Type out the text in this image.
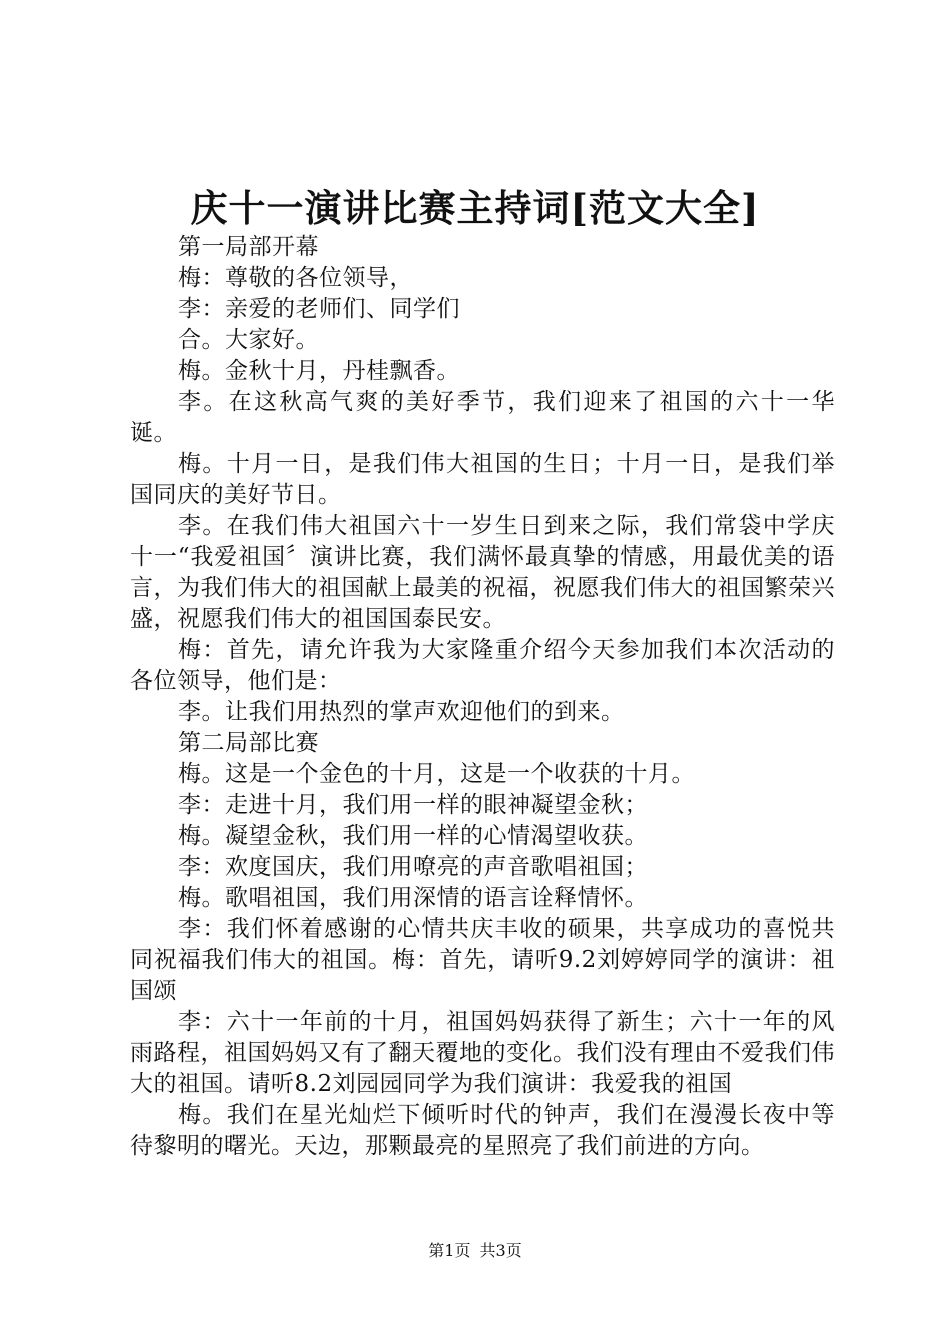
庆十一演讲比赛主持词[范文大全]

第一局部开幕

梅：尊敬的各位领导，

李：亲爱的老师们、同学们

合。大家好。

梅。金秋十月，丹桂飘香。

李。在这秋高气爽的美好季节，我们迎来了祖国的六十一华诞。

梅。十月一日，是我们伟大祖国的生日；十月一日，是我们举国同庆的美好节日。

李。在我们伟大祖国六十一岁生日到来之际，我们常袋中学庆十一“我爱祖国〞演讲比赛，我们满怀最真挚的情感，用最优美的语言，为我们伟大的祖国献上最美的祝福，祝愿我们伟大的祖国繁荣兴盛，祝愿我们伟大的祖国国泰民安。

梅：首先，请允许我为大家隆重介绍今天参加我们本次活动的各位领导，他们是：

李。让我们用热烈的掌声欢迎他们的到来。

第二局部比赛

梅。这是一个金色的十月，这是一个收获的十月。

李：走进十月，我们用一样的眼神凝望金秋；

梅。凝望金秋，我们用一样的心情渴望收获。

李：欢度国庆，我们用嘹亮的声音歌唱祖国；

梅。歌唱祖国，我们用深情的语言诠释情怀。

李：我们怀着感谢的心情共庆丰收的硕果，共享成功的喜悦共同祝福我们伟大的祖国。梅：首先，请听9.2刘婷婷同学的演讲：祖国颂

李：六十一年前的十月，祖国妈妈获得了新生；六十一年的风雨路程，祖国妈妈又有了翻天覆地的变化。我们没有理由不爱我们伟大的祖国。请听8.2刘园园同学为我们演讲：我爱我的祖国

梅。我们在星光灿烂下倾听时代的钟声，我们在漫漫长夜中等待黎明的曙光。天边，那颗最亮的星照亮了我们前进的方向。

第1页 共3页
